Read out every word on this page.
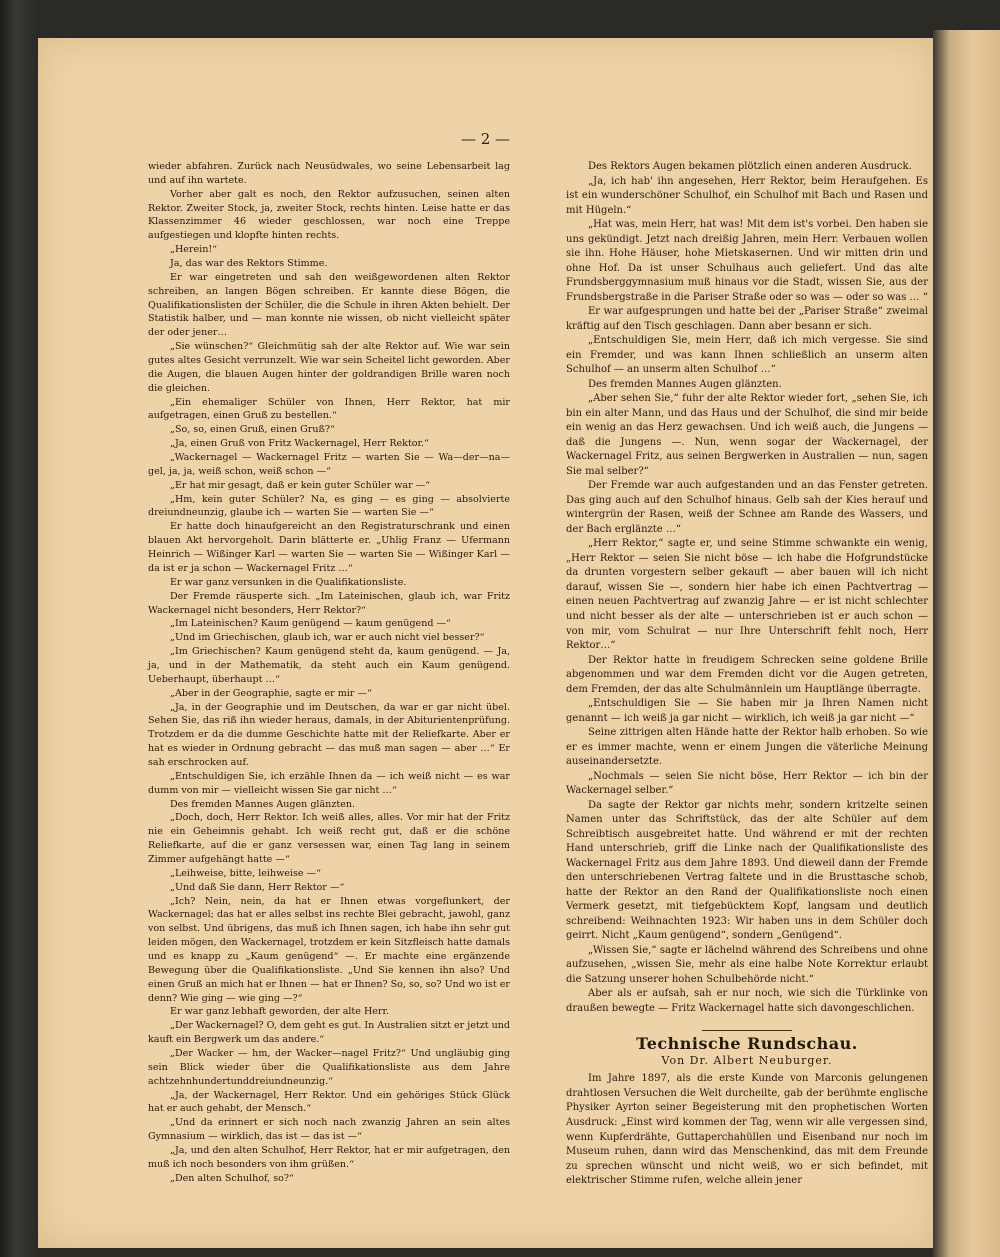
— 2 —

wieder abfahren. Zurück nach Neusüdwales, wo seine Lebensarbeit lag und auf ihn wartete.

Vorher aber galt es noch, den Rektor aufzusuchen, seinen alten Rektor. Zweiter Stock, ja, zweiter Stock, rechts hinten. Leise hatte er das Klassenzimmer 46 wieder geschlossen, war noch eine Treppe aufgestiegen und klopfte hinten rechts.

„Herein!“

Ja, das war des Rektors Stimme.

Er war eingetreten und sah den weißgewordenen alten Rektor schreiben, an langen Bögen schreiben. Er kannte diese Bögen, die Qualifikationslisten der Schüler, die die Schule in ihren Akten behielt. Der Statistik halber, und — man konnte nie wissen, ob nicht vielleicht später der oder jener…

„Sie wünschen?“ Gleichmütig sah der alte Rektor auf. Wie war sein gutes altes Gesicht verrunzelt. Wie war sein Scheitel licht geworden. Aber die Augen, die blauen Augen hinter der goldrandigen Brille waren noch die gleichen.

„Ein ehemaliger Schüler von Ihnen, Herr Rektor, hat mir aufgetragen, einen Gruß zu bestellen.“

„So, so, einen Gruß, einen Gruß?“

„Ja, einen Gruß von Fritz Wackernagel, Herr Rektor.“

„Wackernagel — Wackernagel Fritz — warten Sie — Wa—der—na—gel, ja, ja, weiß schon, weiß schon —“

„Er hat mir gesagt, daß er kein guter Schüler war —“

„Hm, kein guter Schüler? Na, es ging — es ging — absolvierte dreiundneunzig, glaube ich — warten Sie — warten Sie —“

Er hatte doch hinaufgereicht an den Registraturschrank und einen blauen Akt hervorgeholt. Darin blätterte er. „Uhlig Franz — Ufermann Heinrich — Wißinger Karl — warten Sie — warten Sie — Wißinger Karl — da ist er ja schon — Wackernagel Fritz …“

Er war ganz versunken in die Qualifikationsliste.

Der Fremde räusperte sich. „Im Lateinischen, glaub ich, war Fritz Wackernagel nicht besonders, Herr Rektor?“

„Im Lateinischen? Kaum genügend — kaum genügend —“

„Und im Griechischen, glaub ich, war er auch nicht viel besser?“

„Im Griechischen? Kaum genügend steht da, kaum genügend. — Ja, ja, und in der Mathematik, da steht auch ein Kaum genügend. Ueberhaupt, überhaupt …“

„Aber in der Geographie, sagte er mir —“

„Ja, in der Geographie und im Deutschen, da war er gar nicht übel. Sehen Sie, das riß ihn wieder heraus, damals, in der Abiturientenprüfung. Trotzdem er da die dumme Geschichte hatte mit der Reliefkarte. Aber er hat es wieder in Ordnung gebracht — das muß man sagen — aber …“ Er sah erschrocken auf.

„Entschuldigen Sie, ich erzähle Ihnen da — ich weiß nicht — es war dumm von mir — vielleicht wissen Sie gar nicht …“

Des fremden Mannes Augen glänzten.

„Doch, doch, Herr Rektor. Ich weiß alles, alles. Vor mir hat der Fritz nie ein Geheimnis gehabt. Ich weiß recht gut, daß er die schöne Reliefkarte, auf die er ganz versessen war, einen Tag lang in seinem Zimmer aufgehängt hatte —“

„Leihweise, bitte, leihweise —“

„Und daß Sie dann, Herr Rektor —“

„Ich? Nein, nein, da hat er Ihnen etwas vorgeflunkert, der Wackernagel; das hat er alles selbst ins rechte Blei gebracht, jawohl, ganz von selbst. Und übrigens, das muß ich Ihnen sagen, ich habe ihn sehr gut leiden mögen, den Wackernagel, trotzdem er kein Sitzfleisch hatte damals und es knapp zu „Kaum genügend“ —. Er machte eine ergänzende Bewegung über die Qualifikationsliste. „Und Sie kennen ihn also? Und einen Gruß an mich hat er Ihnen — hat er Ihnen? So, so, so? Und wo ist er denn? Wie ging — wie ging —?“

Er war ganz lebhaft geworden, der alte Herr.

„Der Wackernagel? O, dem geht es gut. In Australien sitzt er jetzt und kauft ein Bergwerk um das andere.“

„Der Wacker — hm, der Wacker—nagel Fritz?“ Und ungläubig ging sein Blick wieder über die Qualifikationsliste aus dem Jahre achtzehnhundertunddreiundneunzig.“

„Ja, der Wackernagel, Herr Rektor. Und ein gehöriges Stück Glück hat er auch gehabt, der Mensch.“

„Und da erinnert er sich noch nach zwanzig Jahren an sein altes Gymnasium — wirklich, das ist — das ist —“

„Ja, und den alten Schulhof, Herr Rektor, hat er mir aufgetragen, den muß ich noch besonders von ihm grüßen.“

„Den alten Schulhof, so?“

Des Rektors Augen bekamen plötzlich einen anderen Ausdruck.

„Ja, ich hab' ihn angesehen, Herr Rektor, beim Heraufgehen. Es ist ein wunderschöner Schulhof, ein Schulhof mit Bach und Rasen und mit Hügeln.“

„Hat was, mein Herr, hat was! Mit dem ist's vorbei. Den haben sie uns gekündigt. Jetzt nach dreißig Jahren, mein Herr. Verbauen wollen sie ihn. Hohe Häuser, hohe Mietskasernen. Und wir mitten drin und ohne Hof. Da ist unser Schulhaus auch geliefert. Und das alte Frundsberggymnasium muß hinaus vor die Stadt, wissen Sie, aus der Frundsbergstraße in die Pariser Straße oder so was — oder so was … “

Er war aufgesprungen und hatte bei der „Pariser Straße“ zweimal kräftig auf den Tisch geschlagen. Dann aber besann er sich.

„Entschuldigen Sie, mein Herr, daß ich mich vergesse. Sie sind ein Fremder, und was kann Ihnen schließlich an unserm alten Schulhof — an unserm alten Schulhof …“

Des fremden Mannes Augen glänzten.

„Aber sehen Sie,“ fuhr der alte Rektor wieder fort, „sehen Sie, ich bin ein alter Mann, und das Haus und der Schulhof, die sind mir beide ein wenig an das Herz gewachsen. Und ich weiß auch, die Jungens — daß die Jungens —. Nun, wenn sogar der Wackernagel, der Wackernagel Fritz, aus seinen Bergwerken in Australien — nun, sagen Sie mal selber?“

Der Fremde war auch aufgestanden und an das Fenster getreten. Das ging auch auf den Schulhof hinaus. Gelb sah der Kies herauf und wintergrün der Rasen, weiß der Schnee am Rande des Wassers, und der Bach erglänzte …“

„Herr Rektor,“ sagte er, und seine Stimme schwankte ein wenig, „Herr Rektor — seien Sie nicht böse — ich habe die Hofgrundstücke da drunten vorgestern selber gekauft — aber bauen will ich nicht darauf, wissen Sie —, sondern hier habe ich einen Pachtvertrag — einen neuen Pachtvertrag auf zwanzig Jahre — er ist nicht schlechter und nicht besser als der alte — unterschrieben ist er auch schon — von mir, vom Schulrat — nur Ihre Unterschrift fehlt noch, Herr Rektor…“

Der Rektor hatte in freudigem Schrecken seine goldene Brille abgenommen und war dem Fremden dicht vor die Augen getreten, dem Fremden, der das alte Schulmännlein um Hauptlänge überragte.

„Entschuldigen Sie — Sie haben mir ja Ihren Namen nicht genannt — ich weiß ja gar nicht — wirklich, ich weiß ja gar nicht —“

Seine zittrigen alten Hände hatte der Rektor halb erhoben. So wie er es immer machte, wenn er einem Jungen die väterliche Meinung auseinandersetzte.

„Nochmals — seien Sie nicht böse, Herr Rektor — ich bin der Wackernagel selber.“

Da sagte der Rektor gar nichts mehr, sondern kritzelte seinen Namen unter das Schriftstück, das der alte Schüler auf dem Schreibtisch ausgebreitet hatte. Und während er mit der rechten Hand unterschrieb, griff die Linke nach der Qualifikationsliste des Wackernagel Fritz aus dem Jahre 1893. Und dieweil dann der Fremde den unterschriebenen Vertrag faltete und in die Brusttasche schob, hatte der Rektor an den Rand der Qualifikationsliste noch einen Vermerk gesetzt, mit tiefgebücktem Kopf, langsam und deutlich schreibend: Weihnachten 1923: Wir haben uns in dem Schüler doch geirrt. Nicht „Kaum genügend“, sondern „Genügend“.

„Wissen Sie,“ sagte er lächelnd während des Schreibens und ohne aufzusehen, „wissen Sie, mehr als eine halbe Note Korrektur erlaubt die Satzung unserer hohen Schulbehörde nicht.“

Aber als er aufsah, sah er nur noch, wie sich die Türklinke von draußen bewegte — Fritz Wackernagel hatte sich davongeschlichen.

Technische Rundschau.
Von Dr. Albert Neuburger.

Im Jahre 1897, als die erste Kunde von Marconis gelungenen drahtlosen Versuchen die Welt durcheilte, gab der berühmte englische Physiker Ayrton seiner Begeisterung mit den prophetischen Worten Ausdruck: „Einst wird kommen der Tag, wenn wir alle vergessen sind, wenn Kupferdrähte, Guttaperchahüllen und Eisenband nur noch im Museum ruhen, dann wird das Menschenkind, das mit dem Freunde zu sprechen wünscht und nicht weiß, wo er sich befindet, mit elektrischer Stimme rufen, welche allein jener
